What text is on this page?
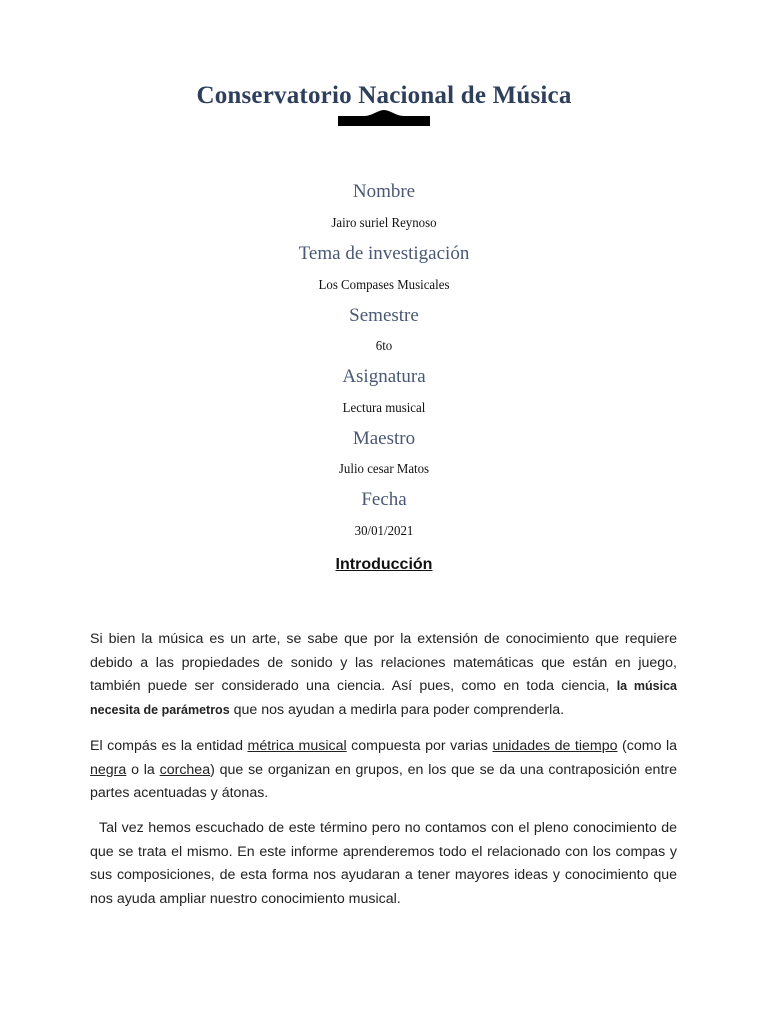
Conservatorio Nacional de Música
Nombre
Jairo suriel Reynoso
Tema de investigación
Los Compases Musicales
Semestre
6to
Asignatura
Lectura musical
Maestro
Julio cesar Matos
Fecha
30/01/2021
Introducción
Si bien la música es un arte, se sabe que por la extensión de conocimiento que requiere debido a las propiedades de sonido y las relaciones matemáticas que están en juego, también puede ser considerado una ciencia. Así pues, como en toda ciencia, la música necesita de parámetros que nos ayudan a medirla para poder comprenderla.
El compás es la entidad métrica musical compuesta por varias unidades de tiempo (como la negra o la corchea) que se organizan en grupos, en los que se da una contraposición entre partes acentuadas y átonas.
Tal vez hemos escuchado de este término pero no contamos con el pleno conocimiento de que se trata el mismo. En este informe aprenderemos todo el relacionado con los compas y sus composiciones, de esta forma nos ayudaran a tener mayores ideas y conocimiento que nos ayuda ampliar nuestro conocimiento musical.
